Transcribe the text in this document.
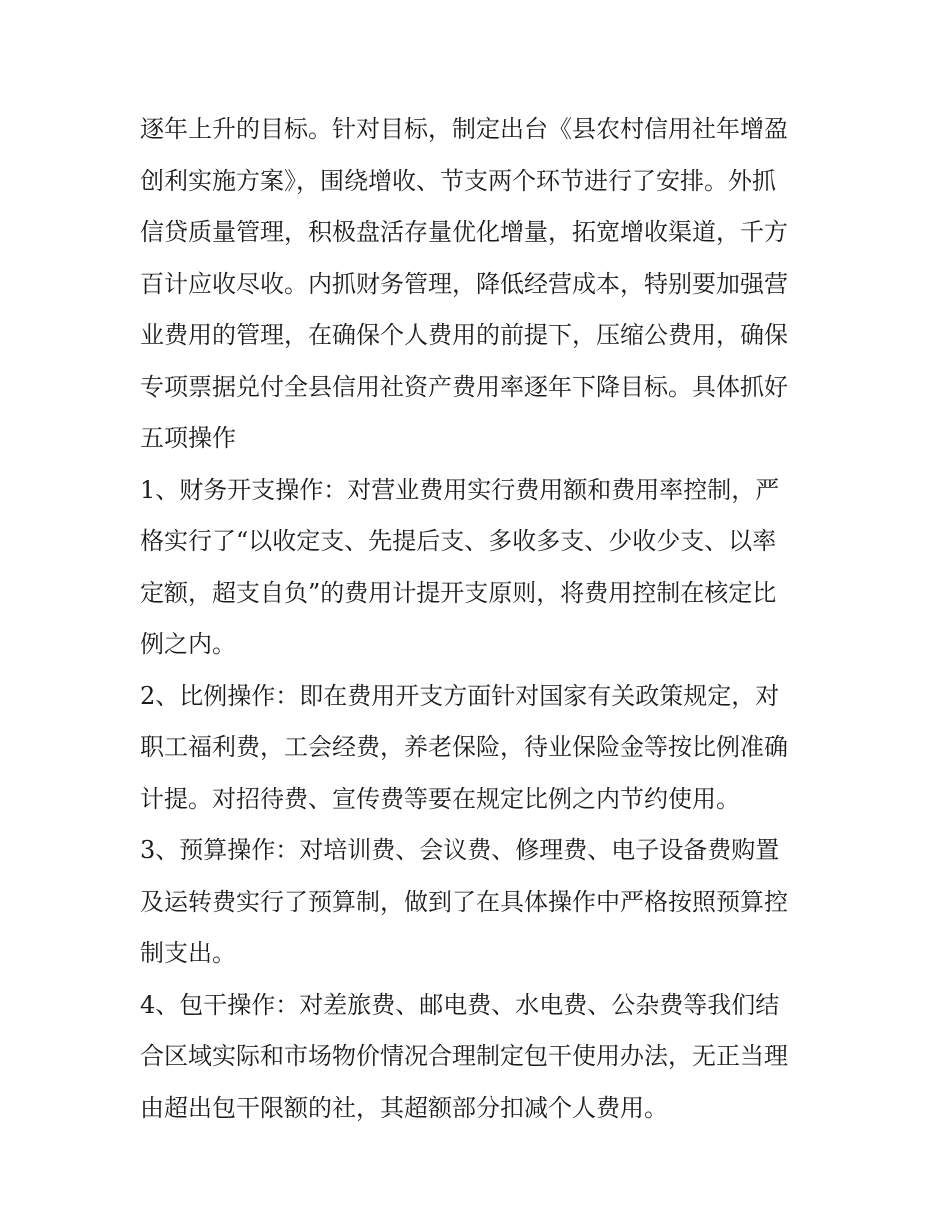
逐年上升的目标。针对目标，制定出台《县农村信用社年增盈
创利实施方案》，围绕增收、节支两个环节进行了安排。外抓
信贷质量管理，积极盘活存量优化增量，拓宽增收渠道，千方
百计应收尽收。内抓财务管理，降低经营成本，特别要加强营
业费用的管理，在确保个人费用的前提下，压缩公费用，确保
专项票据兑付全县信用社资产费用率逐年下降目标。具体抓好
五项操作
1、财务开支操作：对营业费用实行费用额和费用率控制，严
格实行了“以收定支、先提后支、多收多支、少收少支、以率
定额，超支自负”的费用计提开支原则，将费用控制在核定比
例之内。
2、比例操作：即在费用开支方面针对国家有关政策规定，对
职工福利费，工会经费，养老保险，待业保险金等按比例准确
计提。对招待费、宣传费等要在规定比例之内节约使用。
3、预算操作：对培训费、会议费、修理费、电子设备费购置
及运转费实行了预算制，做到了在具体操作中严格按照预算控
制支出。
4、包干操作：对差旅费、邮电费、水电费、公杂费等我们结
合区域实际和市场物价情况合理制定包干使用办法，无正当理
由超出包干限额的社，其超额部分扣减个人费用。
